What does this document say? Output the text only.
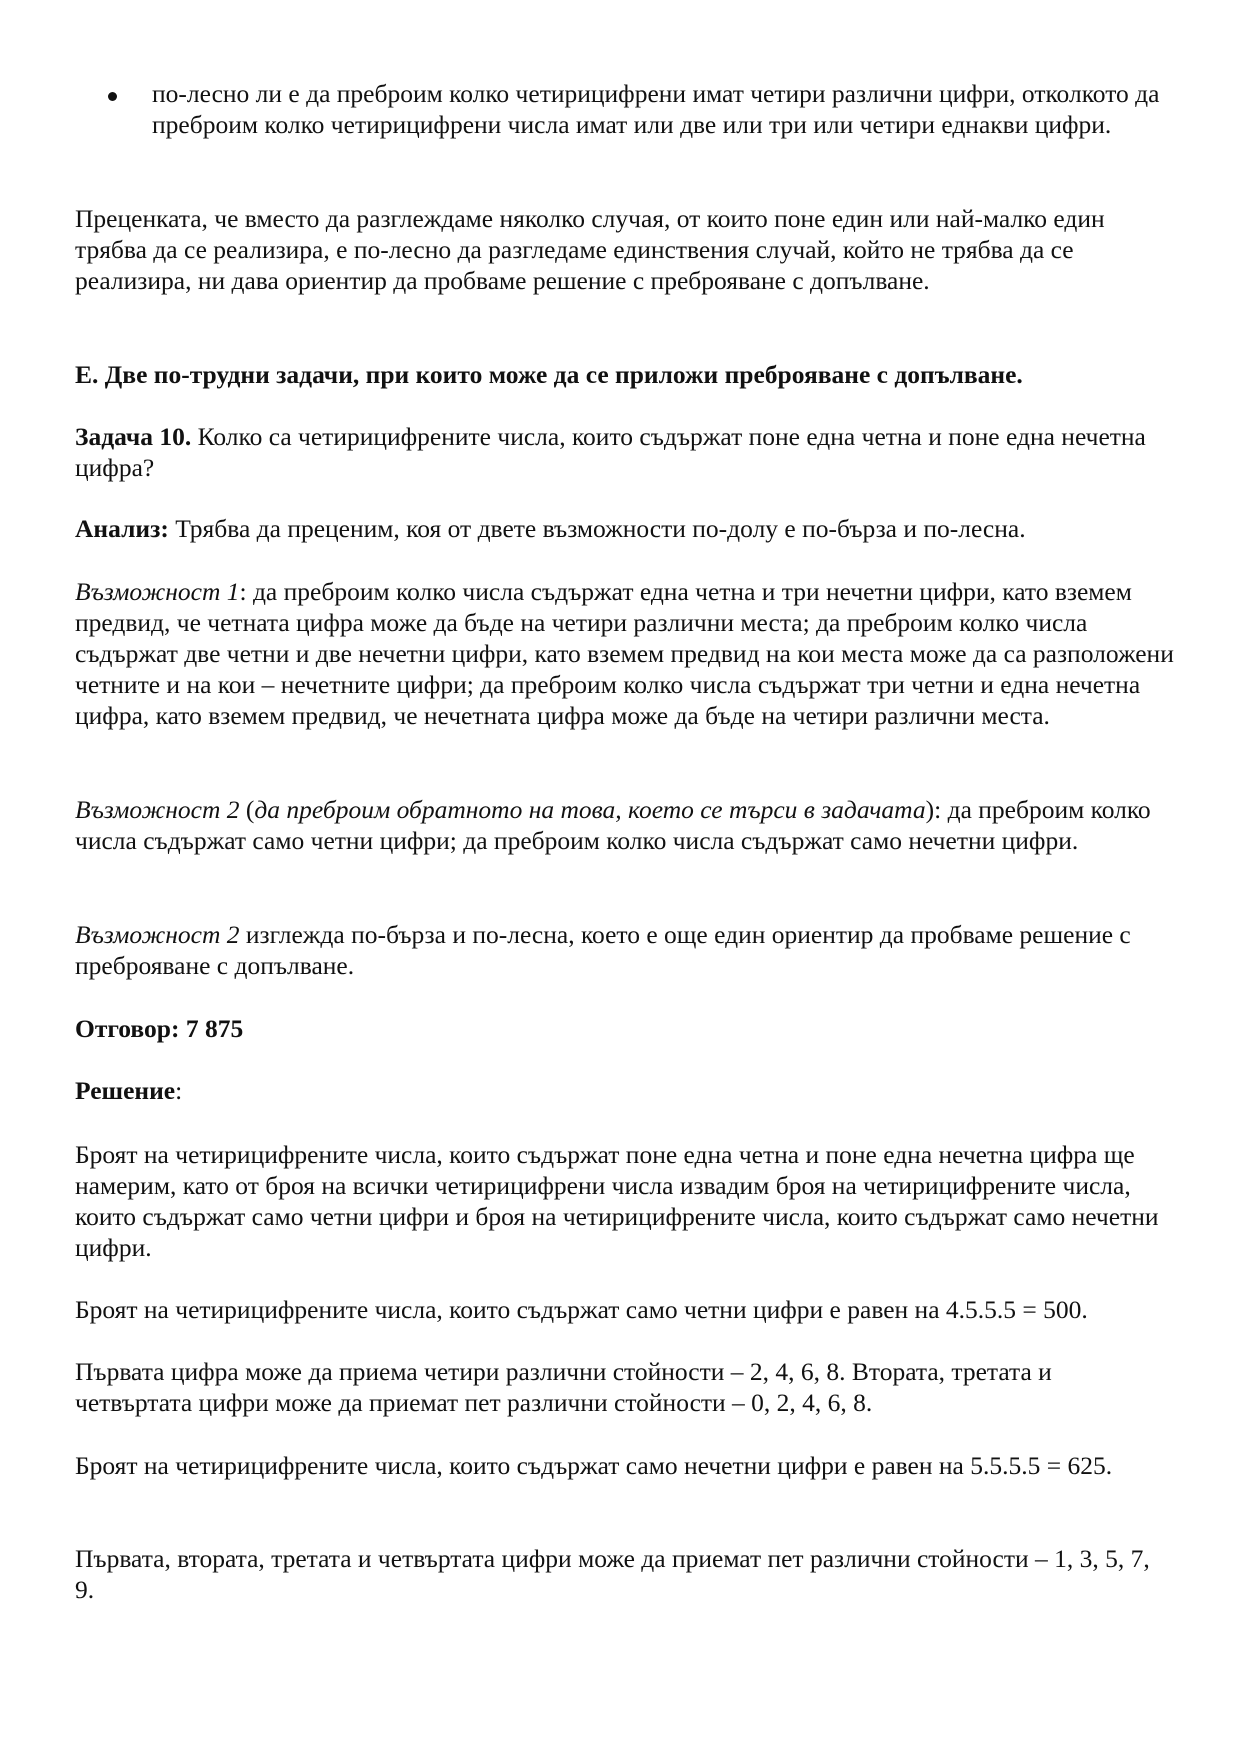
по-лесно ли е да преброим колко четирицифрени имат четири различни цифри, отколкото да преброим колко четирицифрени числа имат или две или три или четири еднакви цифри.

Преценката, че вместо да разглеждаме няколко случая, от които поне един или най-малко един трябва да се реализира, е по-лесно да разгледаме единствения случай, който не трябва да се реализира, ни дава ориентир да пробваме решение с преброяване с допълване.

Е. Две по-трудни задачи, при които може да се приложи преброяване с допълване.

Задача 10. Колко са четирицифрените числа, които съдържат поне една четна и поне една нечетна цифра?

Анализ: Трябва да преценим, коя от двете възможности по-долу е по-бърза и по-лесна.

Възможност 1: да преброим колко числа съдържат една четна и три нечетни цифри, като вземем предвид, че четната цифра може да бъде на четири различни места; да преброим колко числа съдържат две четни и две нечетни цифри, като вземем предвид на кои места може да са разположени четните и на кои – нечетните цифри; да преброим колко числа съдържат три четни и една нечетна цифра, като вземем предвид, че нечетната цифра може да бъде на четири различни места.

Възможност 2 (да преброим обратното на това, което се търси в задачата): да преброим колко числа съдържат само четни цифри; да преброим колко числа съдържат само нечетни цифри.

Възможност 2 изглежда по-бърза и по-лесна, което е още един ориентир да пробваме решение с преброяване с допълване.

Отговор: 7 875

Решение:

Броят на четирицифрените числа, които съдържат поне една четна и поне една нечетна цифра ще намерим, като от броя на всички четирицифрени числа извадим броя на четирицифрените числа, които съдържат само четни цифри и броя на четирицифрените числа, които съдържат само нечетни цифри.

Броят на четирицифрените числа, които съдържат само четни цифри е равен на 4.5.5.5 = 500.

Първата цифра може да приема четири различни стойности – 2, 4, 6, 8. Втората, третата и четвъртата цифри може да приемат пет различни стойности – 0, 2, 4, 6, 8.

Броят на четирицифрените числа, които съдържат само нечетни цифри е равен на 5.5.5.5 = 625.

Първата, втората, третата и четвъртата цифри може да приемат пет различни стойности – 1, 3, 5, 7, 9.
